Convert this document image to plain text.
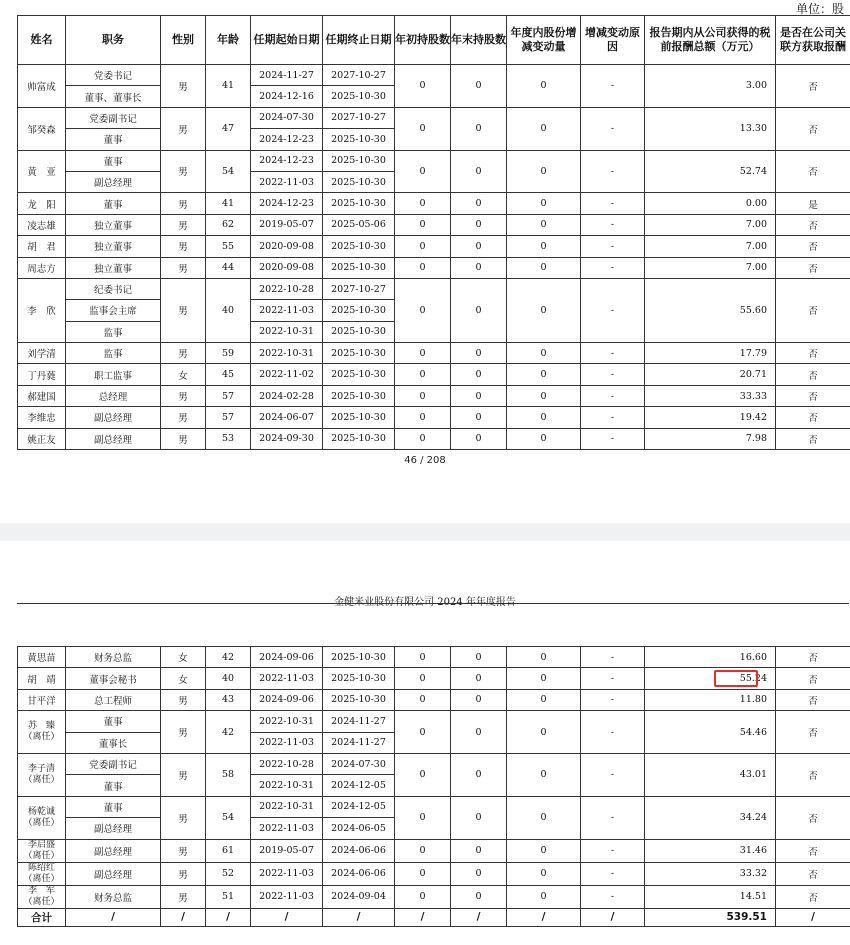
单位：股
姓名	职务	性别	年龄	任期起始日期	任期终止日期	年初持股数	年末持股数	年度内股份增减变动量	增减变动原因	报告期内从公司获得的税前报酬总额（万元）	是否在公司关联方获取报酬
帅富成	党委书记	男	41	2024-11-27	2027-10-27	0	0	0	-	3.00	否
	董事、董事长			2024-12-16	2025-10-30						
邹癸森	党委副书记	男	47	2024-07-30	2027-10-27	0	0	0	-	13.30	否
	董事			2024-12-23	2025-10-30						
黄　亚	董事	男	54	2024-12-23	2025-10-30	0	0	0	-	52.74	否
	副总经理			2022-11-03	2025-10-30						
龙　阳	董事	男	41	2024-12-23	2025-10-30	0	0	0	-	0.00	是
凌志雄	独立董事	男	62	2019-05-07	2025-05-06	0	0	0	-	7.00	否
胡　君	独立董事	男	55	2020-09-08	2025-10-30	0	0	0	-	7.00	否
周志方	独立董事	男	44	2020-09-08	2025-10-30	0	0	0	-	7.00	否
李　欣	纪委书记	男	40	2022-10-28	2027-10-27	0	0	0	-	55.60	否
	监事会主席			2022-11-03	2025-10-30						
	监事			2022-10-31	2025-10-30						
刘学清	监事	男	59	2022-10-31	2025-10-30	0	0	0	-	17.79	否
丁丹蕤	职工监事	女	45	2022-11-02	2025-10-30	0	0	0	-	20.71	否
郝建国	总经理	男	57	2024-02-28	2025-10-30	0	0	0	-	33.33	否
李维忠	副总经理	男	57	2024-06-07	2025-10-30	0	0	0	-	19.42	否
姚正友	副总经理	男	53	2024-09-30	2025-10-30	0	0	0	-	7.98	否
46 / 208
金健米业股份有限公司 2024 年年度报告
黄思苗	财务总监	女	42	2024-09-06	2025-10-30	0	0	0	-	16.60	否
胡　靖	董事会秘书	女	40	2022-11-03	2025-10-30	0	0	0	-	55.24	否
甘平洋	总工程师	男	43	2024-09-06	2025-10-30	0	0	0	-	11.80	否
苏　臻
（离任）	董事	男	42	2022-10-31	2024-11-27	0	0	0	-	54.46	否
	董事长			2022-11-03	2024-11-27						
李子清
（离任）	党委副书记	男	58	2022-10-28	2024-07-30	0	0	0	-	43.01	否
	董事			2022-10-31	2024-12-05						
杨乾诚
（离任）	董事	男	54	2022-10-31	2024-12-05	0	0	0	-	34.24	否
	副总经理			2022-11-03	2024-06-05						
李启盛
（离任）	副总经理	男	61	2019-05-07	2024-06-06	0	0	0	-	31.46	否
陈绍红
（离任）	副总经理	男	52	2022-11-03	2024-06-06	0	0	0	-	33.32	否
李　军
（离任）	财务总监	男	51	2022-11-03	2024-09-04	0	0	0	-	14.51	否
合计	/	/	/	/	/	/	/	/	/	539.51	/
